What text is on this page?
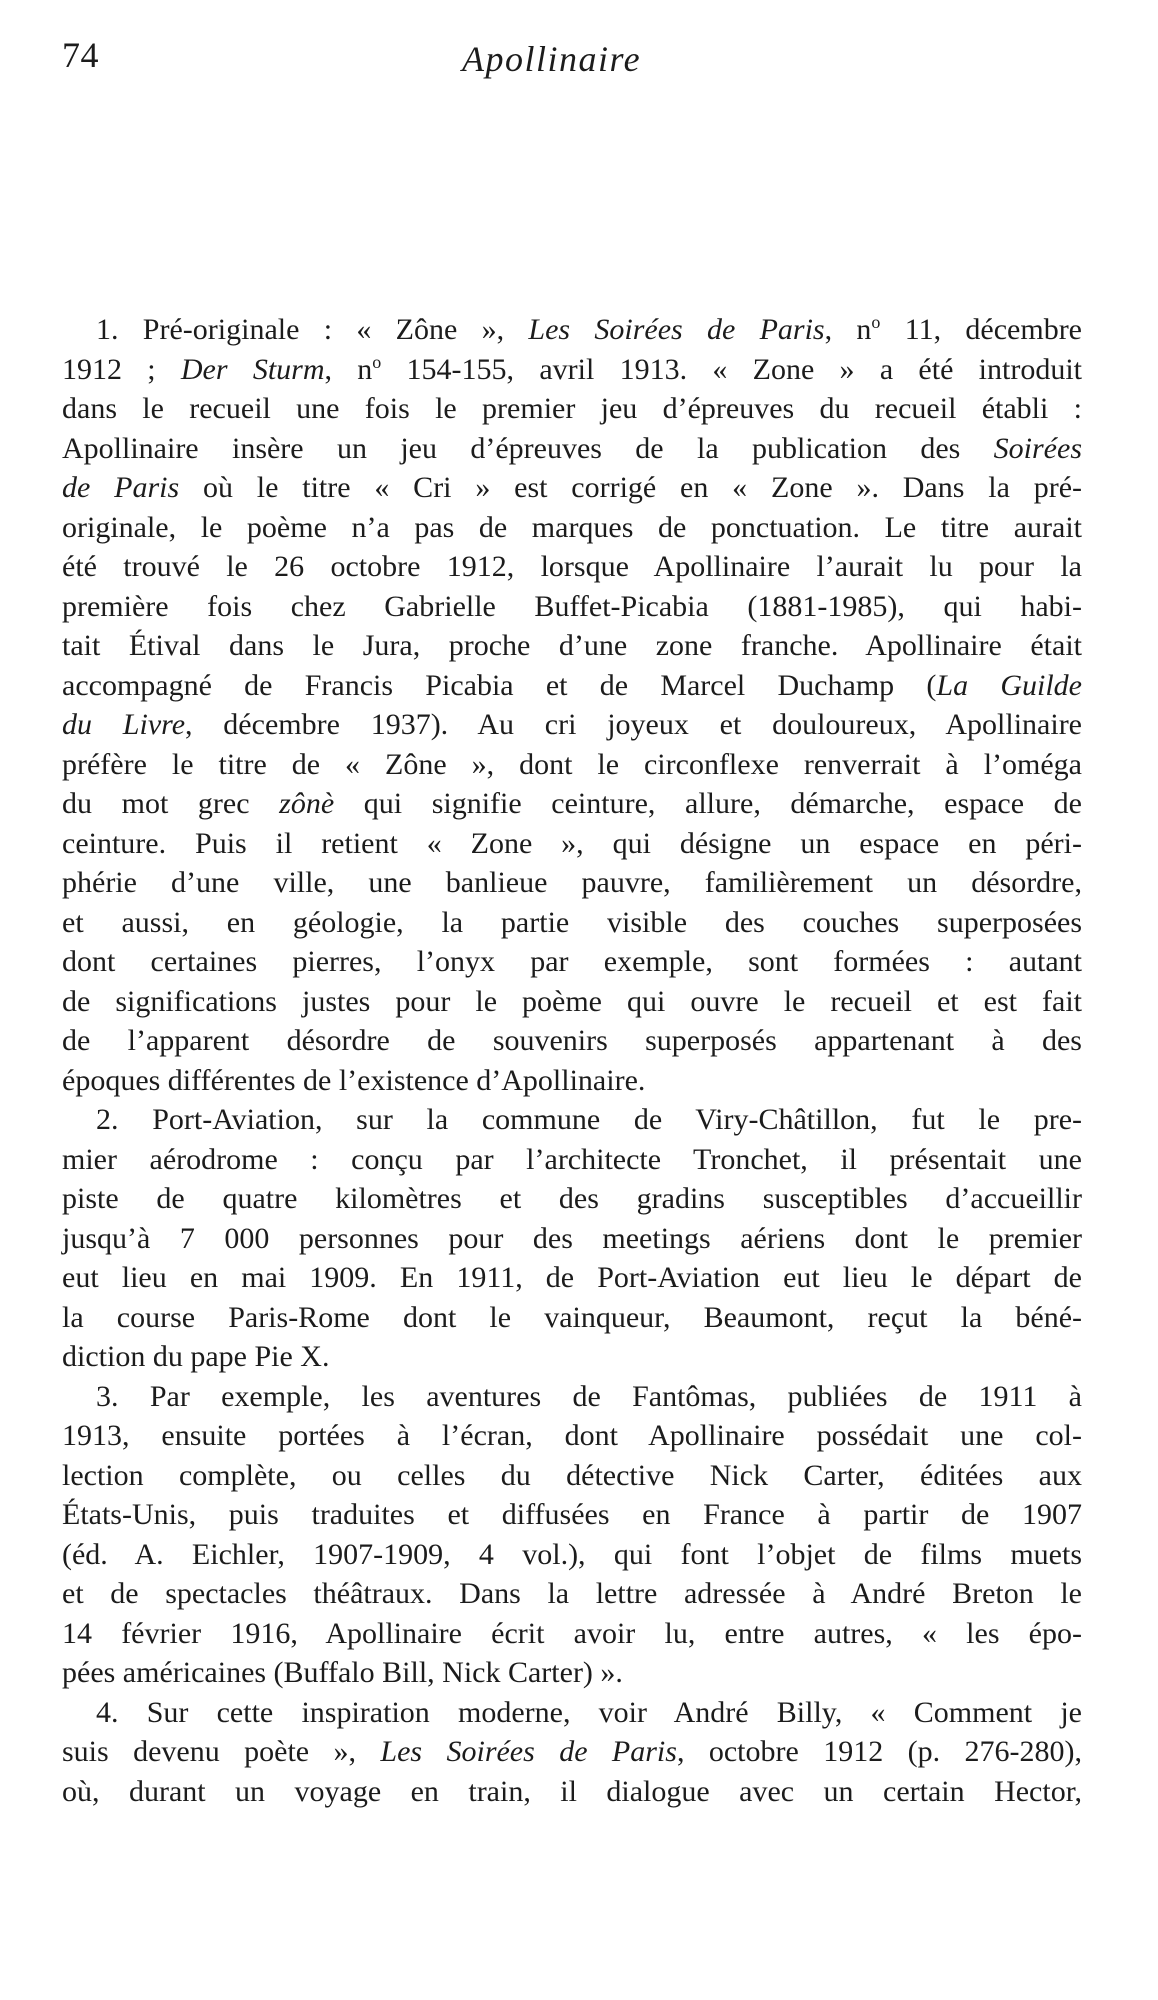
74	Apollinaire
1. Pré-originale : « Zône », Les Soirées de Paris, $n^o$ 11, décembre
1912 ; Der Sturm, $n^o$ 154-155, avril 1913. « Zone » a été introduit
dans le recueil une fois le premier jeu d’épreuves du recueil établi :
Apollinaire insère un jeu d’épreuves de la publication des Soirées
de Paris où le titre « Cri » est corrigé en « Zone ». Dans la pré-
originale, le poème n’a pas de marques de ponctuation. Le titre aurait
été trouvé le 26 octobre 1912, lorsque Apollinaire l’aurait lu pour la
première fois chez Gabrielle Buffet-Picabia (1881-1985), qui habi-
tait Étival dans le Jura, proche d’une zone franche. Apollinaire était
accompagné de Francis Picabia et de Marcel Duchamp (La Guilde
du Livre, décembre 1937). Au cri joyeux et douloureux, Apollinaire
préfère le titre de « Zône », dont le circonflexe renverrait à l’oméga
du mot grec zônè qui signifie ceinture, allure, démarche, espace de
ceinture. Puis il retient « Zone », qui désigne un espace en péri-
phérie d’une ville, une banlieue pauvre, familièrement un désordre,
et aussi, en géologie, la partie visible des couches superposées
dont certaines pierres, l’onyx par exemple, sont formées : autant
de significations justes pour le poème qui ouvre le recueil et est fait
de l’apparent désordre de souvenirs superposés appartenant à des
époques différentes de l’existence d’Apollinaire.
2. Port-Aviation, sur la commune de Viry-Châtillon, fut le pre-
mier aérodrome : conçu par l’architecte Tronchet, il présentait une
piste de quatre kilomètres et des gradins susceptibles d’accueillir
jusqu’à 7 000 personnes pour des meetings aériens dont le premier
eut lieu en mai 1909. En 1911, de Port-Aviation eut lieu le départ de
la course Paris-Rome dont le vainqueur, Beaumont, reçut la béné-
diction du pape Pie X.
3. Par exemple, les aventures de Fantômas, publiées de 1911 à
1913, ensuite portées à l’écran, dont Apollinaire possédait une col-
lection complète, ou celles du détective Nick Carter, éditées aux
États-Unis, puis traduites et diffusées en France à partir de 1907
(éd. A. Eichler, 1907-1909, 4 vol.), qui font l’objet de films muets
et de spectacles théâtraux. Dans la lettre adressée à André Breton le
14 février 1916, Apollinaire écrit avoir lu, entre autres, « les épo-
pées américaines (Buffalo Bill, Nick Carter) ».
4. Sur cette inspiration moderne, voir André Billy, « Comment je
suis devenu poète », Les Soirées de Paris, octobre 1912 (p. 276-280),
où, durant un voyage en train, il dialogue avec un certain Hector,
